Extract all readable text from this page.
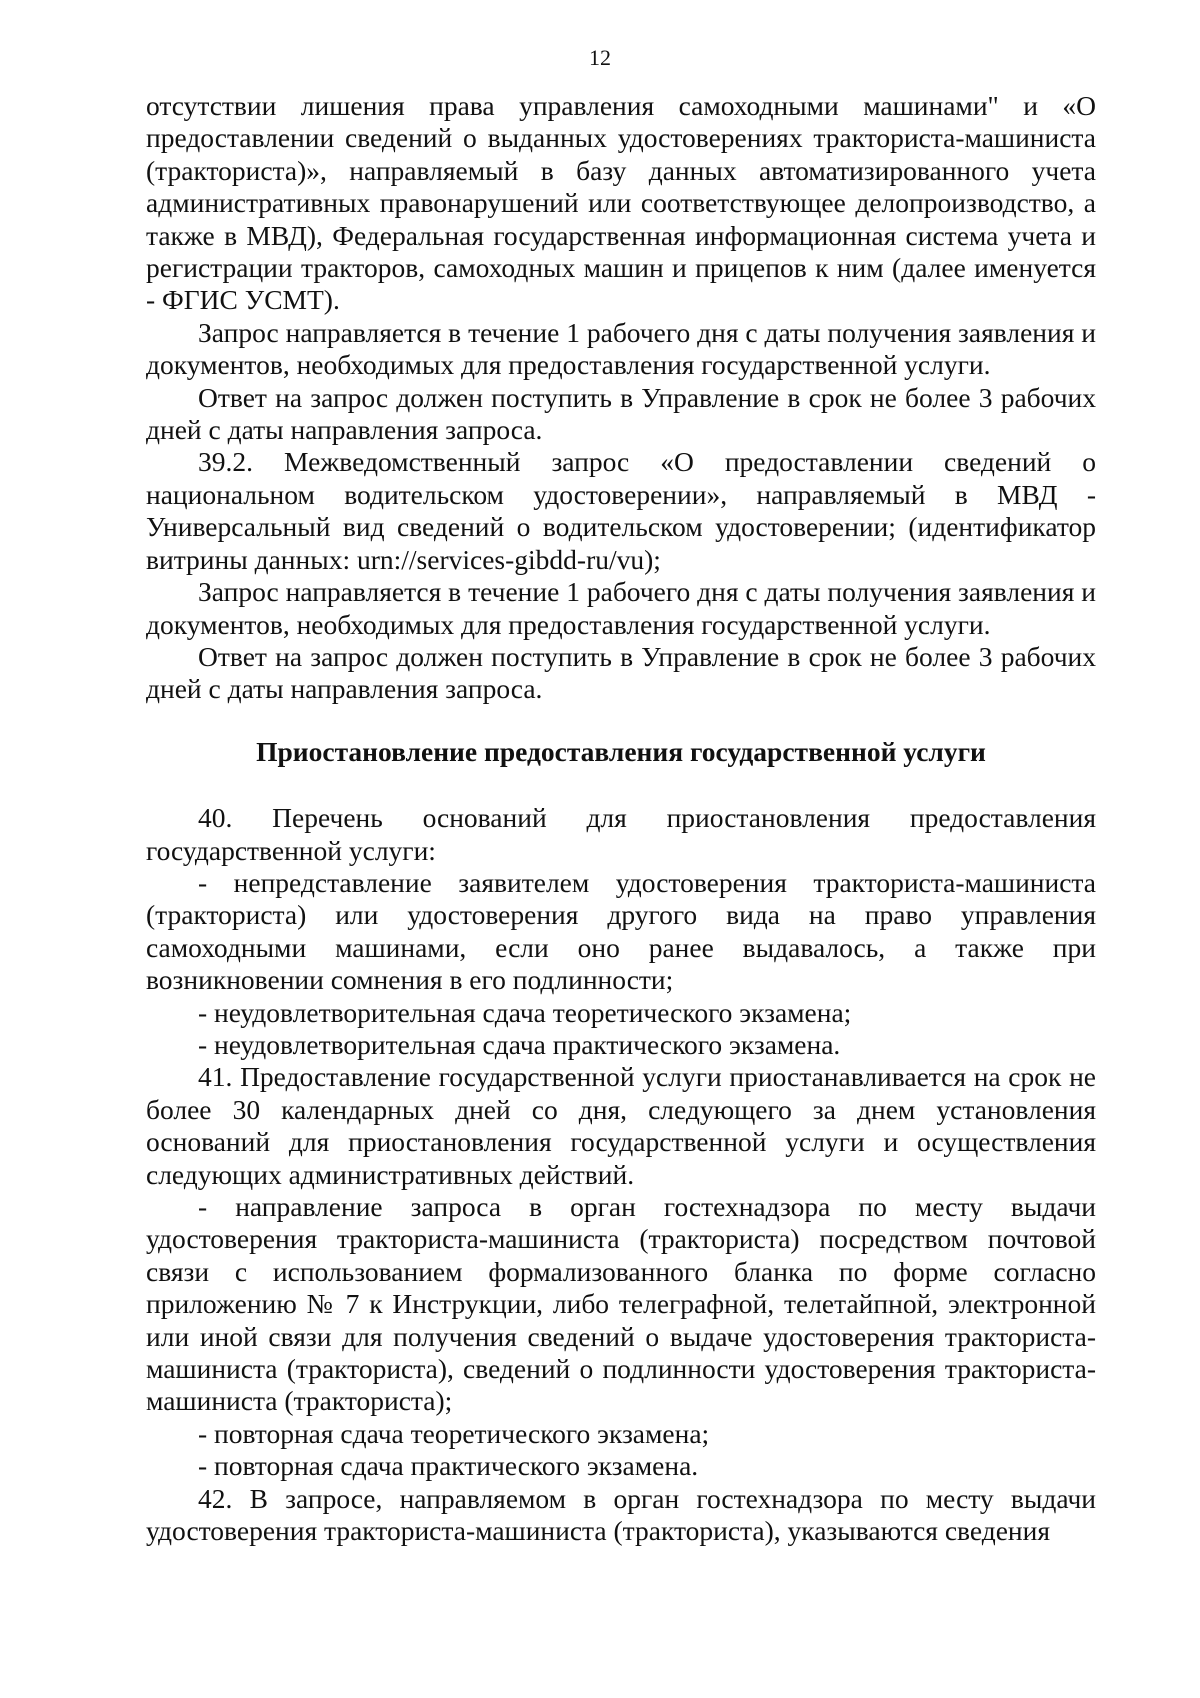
12

отсутствии лишения права управления самоходными машинами" и «О предоставлении сведений о выданных удостоверениях тракториста-машиниста (тракториста)», направляемый в базу данных автоматизированного учета административных правонарушений или соответствующее делопроизводство, а также в МВД), Федеральная государственная информационная система учета и регистрации тракторов, самоходных машин и прицепов к ним (далее именуется - ФГИС УСМТ).

Запрос направляется в течение 1 рабочего дня с даты получения заявления и документов, необходимых для предоставления государственной услуги.

Ответ на запрос должен поступить в Управление в срок не более 3 рабочих дней с даты направления запроса.

39.2. Межведомственный запрос «О предоставлении сведений о национальном водительском удостоверении», направляемый в МВД - Универсальный вид сведений о водительском удостоверении; (идентификатор витрины данных: urn://services-gibdd-ru/vu);

Запрос направляется в течение 1 рабочего дня с даты получения заявления и документов, необходимых для предоставления государственной услуги.

Ответ на запрос должен поступить в Управление в срок не более 3 рабочих дней с даты направления запроса.

Приостановление предоставления государственной услуги

40. Перечень оснований для приостановления предоставления государственной услуги:

- непредставление заявителем удостоверения тракториста-машиниста (тракториста) или удостоверения другого вида на право управления самоходными машинами, если оно ранее выдавалось, а также при возникновении сомнения в его подлинности;

- неудовлетворительная сдача теоретического экзамена;

- неудовлетворительная сдача практического экзамена.

41. Предоставление государственной услуги приостанавливается на срок не более 30 календарных дней со дня, следующего за днем установления оснований для приостановления государственной услуги и осуществления следующих административных действий.

- направление запроса в орган гостехнадзора по месту выдачи удостоверения тракториста-машиниста (тракториста) посредством почтовой связи с использованием формализованного бланка по форме согласно приложению № 7 к Инструкции, либо телеграфной, телетайпной, электронной или иной связи для получения сведений о выдаче удостоверения тракториста-машиниста (тракториста), сведений о подлинности удостоверения тракториста-машиниста (тракториста);

- повторная сдача теоретического экзамена;

- повторная сдача практического экзамена.

42. В запросе, направляемом в орган гостехнадзора по месту выдачи удостоверения тракториста-машиниста (тракториста), указываются сведения
